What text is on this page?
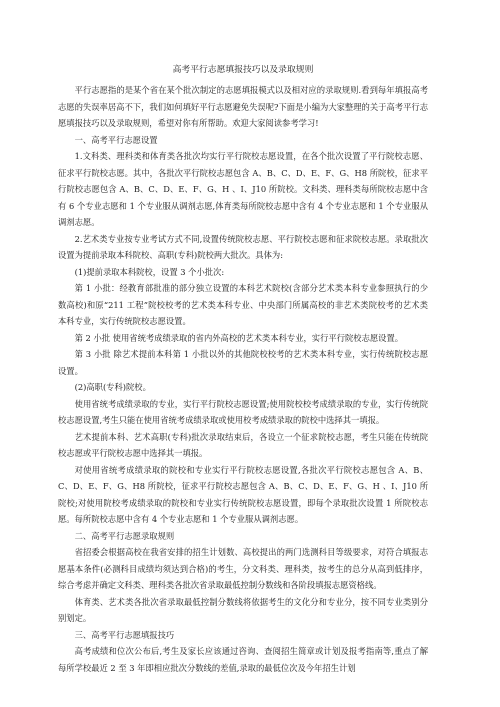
高考平行志愿填报技巧以及录取规则

平行志愿指的是某个省在某个批次制定的志愿填报模式以及相对应的录取规则.看到每年填报高考志愿的失误率居高不下，我们如何填好平行志愿避免失误呢?下面是小编为大家整理的关于高考平行志愿填报技巧以及录取规则，希望对你有所帮助。欢迎大家阅读参考学习!

一、高考平行志愿设置

1.文科类、理科类和体育类各批次均实行平行院校志愿设置，在各个批次设置了平行院校志愿、征求平行院校志愿。其中，各批次平行院校志愿包含 A、B、C、D、E、F、G、H8 所院校，征求平行院校志愿包含 A、B、C、D、E、F、G、H 、I、J10 所院校。文科类、理科类每所院校志愿中含有 6 个专业志愿和 1 个专业服从调剂志愿,体育类每所院校志愿中含有 4 个专业志愿和 1 个专业服从调剂志愿。

2.艺术类专业按专业考试方式不同,设置传统院校志愿、平行院校志愿和征求院校志愿。录取批次设置为提前录取本科院校、高职(专科)院校两大批次。具体为:

(1)提前录取本科院校，设置 3 个小批次:

第 1 小批：经教育部批准的部分独立设置的本科艺术院校(含部分艺术类本科专业参照执行的少数高校)和原“211 工程”院校校考的艺术类本科专业、中央部门所属高校的非艺术类院校考的艺术类本科专业，实行传统院校志愿设置。

第 2 小批 使用省统考成绩录取的省内外高校的艺术类本科专业，实行平行院校志愿设置。

第 3 小批 除艺术提前本科第 1 小批以外的其他院校校考的艺术类本科专业，实行传统院校志愿设置。

(2)高职(专科)院校。

使用省统考成绩录取的专业，实行平行院校志愿设置;使用院校校考成绩录取的专业，实行传统院校志愿设置,考生只能在使用省统考成绩录取或使用校考成绩录取的院校中选择其一填报。

艺术提前本科、艺术高职(专科)批次录取结束后，各设立一个征求院校志愿，考生只能在传统院校志愿或平行院校志愿中选择其一填报。

对使用省统考成绩录取的院校和专业实行平行院校志愿设置,各批次平行院校志愿包含 A、B、C、D、E、F、G、H8 所院校，征求平行院校志愿包含 A、B、C、D、E、F、G、H 、I、J10 所院校;对使用院校考成绩录取的院校和专业实行传统院校志愿设置，即每个录取批次设置 1 所院校志愿。每所院校志愿中含有 4 个专业志愿和 1 个专业服从调剂志愿。

二、高考平行志愿录取规则

省招委会根据高校在我省安排的招生计划数、高校提出的两门选测科目等级要求，对符合填报志愿基本条件(必测科目成绩均须达到合格)的考生，分文科类、理科类，按考生的总分从高到低排序，综合考虑并确定文科类、理科类各批次省录取最低控制分数线和各阶段填报志愿资格线。

体育类、艺术类各批次省录取最低控制分数线将依据考生的文化分和专业分，按不同专业类别分别划定。

三、高考平行志愿填报技巧

高考成绩和位次公布后,考生及家长应该通过咨询、查阅招生简章或计划及报考指南等,重点了解每所学校最近 2 至 3 年即相应批次分数线的差值,录取的最低位次及今年招生计划
